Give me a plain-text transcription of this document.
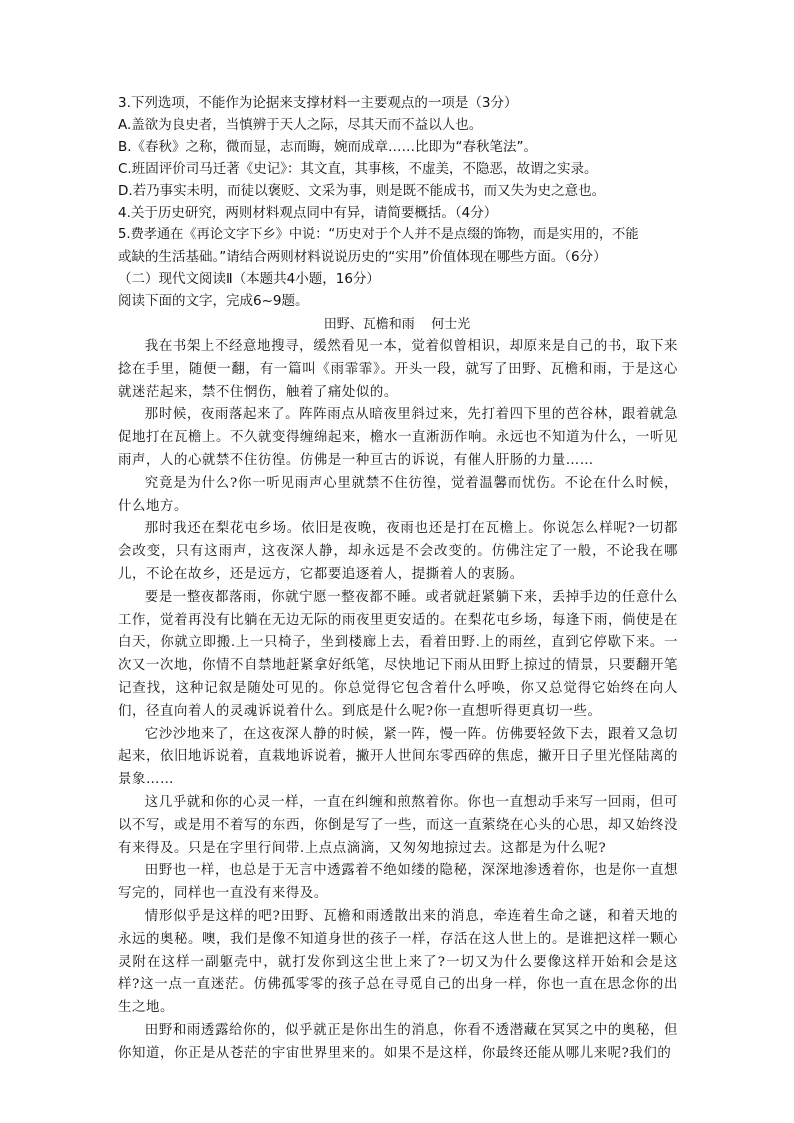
3.下列选项，不能作为论据来支撑材料一主要观点的一项是（3分）
A.盖欲为良史者，当慎辨于天人之际，尽其天而不益以人也。
B.《春秋》之称，微而显，志而晦，婉而成章……比即为“春秋笔法”。
C.班固评价司马迁著《史记》：其文直，其事核，不虚美，不隐恶，故谓之实录。
D.若乃事实未明，而徒以褒贬、文采为事，则是既不能成书，而又失为史之意也。
4.关于历史研究，两则材料观点同中有异，请简要概括。（4分）
5.费孝通在《再论文字下乡》中说：“历史对于个人并不是点缀的饰物，而是实用的，不能
或缺的生活基础。”请结合两则材料说说历史的“实用”价值体现在哪些方面。（6分）
（二）现代文阅读Ⅱ（本题共4小题，16分）
阅读下面的文字，完成6~9题。
田野、瓦檐和雨    何士光

我在书架上不经意地搜寻，缓然看见一本，觉着似曾相识，却原来是自己的书，取下来捻在手里，随便一翻，有一篇叫《雨霏霏》。开头一段，就写了田野、瓦檐和雨，于是这心就迷茫起来，禁不住惘伤，触着了痛处似的。

那时候，夜雨落起来了。阵阵雨点从暗夜里斜过来，先打着四下里的芭谷林，跟着就急促地打在瓦檐上。不久就变得缠绵起来，檐水一直淅沥作响。永远也不知道为什么，一听见雨声，人的心就禁不住彷徨。仿佛是一种亘古的诉说，有催人肝肠的力量……

究竟是为什么?你一听见雨声心里就禁不住彷徨，觉着温馨而忧伤。不论在什么时候，什么地方。

那时我还在梨花屯乡场。依旧是夜晚，夜雨也还是打在瓦檐上。你说怎么样呢?一切都会改变，只有这雨声，这夜深人静，却永远是不会改变的。仿佛注定了一般，不论我在哪儿，不论在故乡，还是远方，它都要追逐着人，提撕着人的衷肠。

要是一整夜都落雨，你就宁愿一整夜都不睡。或者就赶紧躺下来，丢掉手边的任意什么工作，觉着再没有比躺在无边无际的雨夜里更安适的。在梨花屯乡场，每逢下雨，倘使是在白天，你就立即搬.上一只椅子，坐到楼廊上去，看着田野.上的雨丝，直到它停歇下来。一次又一次地，你情不自禁地赶紧拿好纸笔，尽快地记下雨从田野上掠过的情景，只要翻开笔记查找，这种记叙是随处可见的。你总觉得它包含着什么呼唤，你又总觉得它始终在向人们，径直向着人的灵魂诉说着什么。到底是什么呢?你一直想听得更真切一些。

它沙沙地来了，在这夜深人静的时候，紧一阵，慢一阵。仿佛要轻敛下去，跟着又急切起来，依旧地诉说着，直栽地诉说着，撇开人世间东零西碎的焦虑，撇开日子里光怪陆离的景象……

这几乎就和你的心灵一样，一直在纠缠和煎熬着你。你也一直想动手来写一回雨，但可以不写，或是用不着写的东西，你倒是写了一些，而这一直萦绕在心头的心思，却又始终没有来得及。只是在字里行间带.上点点滴滴，又匆匆地掠过去。这都是为什么呢?

田野也一样，也总是于无言中透露着不绝如缕的隐秘，深深地渗透着你，也是你一直想写完的，同样也一直没有来得及。

情形似乎是这样的吧?田野、瓦檐和雨透散出来的消息，牵连着生命之谜，和着天地的永远的奥秘。噢，我们是像不知道身世的孩子一样，存活在这人世上的。是谁把这样一颗心灵附在这样一副躯壳中，就打发你到这尘世上来了?一切又为什么要像这样开始和会是这样?这一点一直迷茫。仿佛孤零零的孩子总在寻觅自己的出身一样，你也一直在思念你的出生之地。

田野和雨透露给你的，似乎就正是你出生的消息，你看不透潜藏在冥冥之中的奥秘，但你知道，你正是从苍茫的宇宙世界里来的。如果不是这样，你最终还能从哪儿来呢?我们的
